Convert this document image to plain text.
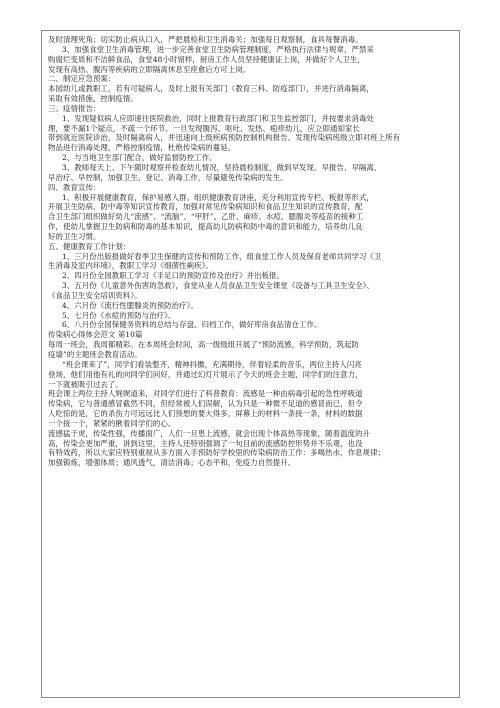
及时清理死角；切实防止病从口入，严把晨检和卫生消毒关；加强每日观察制，食具每餐消毒。
3、加强食堂卫生消毒管理，进一步完善食堂卫生防病管理制度，严格执行法律与规章，严禁采
购腐烂变质和不洁鲜食品，食堂48小时留样，厨房工作人员坚持健康证上岗，并做好个人卫生，
发现有高热、腹泻等疾病的立即隔离休息至痊愈后方可上岗。
二、制定应急预案：
本园幼儿或教职工，若有可疑病人，及时上报有关部门（教育三科、防疫部门），并进行消毒隔离，
采取有效措施，控制疫情。
三、疫情报告：
1、发现疑似病人应即速往医院救治，同时上报教育行政部门和卫生监控部门，并按要求消毒处
理，要不漏1个疑点，不疏一个环节。一旦发现腹泻、呕吐、发热、疱疹幼儿，应立即通知家长
带到就近医院诊治，及时隔离病人，并迅速向上级疾病预防控制机构报告。发现传染病班级立即对班上所有
物品进行消毒处理，严格控制疫情，杜绝传染病的蔓延。
2、与当地卫生部门配合，做好监督防控工作。
3、教师每天上、下午随时观察并检查幼儿情况，坚持晨检制度，做到早发现、早报告、早隔离、
早治疗、早控制，加强卫生、登记、消毒工作，尽量避免传染病的发生。
四、教育宣传：
1、积极开展健康教育，保护易感人群。组织健康教育讲座，充分利用宣传专栏、板报等形式，
开展卫生防病、防中毒等知识宣传教育，加强对常见传染病知识和食品卫生知识的宣传教育，配
合卫生部门组织做好幼儿“流感”、“流脑”、“甲肝”、乙肝、麻疹、水痘、腮腺炎等疫苗的接种工
作，使幼儿掌握卫生防病和防毒的基本知识，提高幼儿防病和防中毒的意识和能力，培养幼儿良
好的卫生习惯。
五、健康教育工作计划：
1、三月份出版报做好春季卫生保健的宣传和预防工作，组食堂工作人员及保育老师共同学习《卫
生消毒及室内环境》，教职工学习《细菌性痢疾》。
2、四月份全园教职工学习《手足口的预防宣传及治疗》并出板报。
3、五月份《儿童意外伤害的急救》，食堂从业人员食品卫生安全课堂《设备与工具卫生安全》、
《食品卫生安全培训资料》。
4、六月份《流行性腮腺炎的预防治疗》。
5、七月份《水痘的预防与治疗》。
6、八月份全园保健务资料的总结与存盘、归档工作，做好库房食品清仓工作。
传染病心得体会范文 第10篇
每周一班会，我周都精彩。在本周班会时间，高一级级组开展了“预防流感，科学预防，筑起防
疫墙”的主题班会教育活动。
“班会课来了”，同学们看装整齐，精神抖擞，充满期待，伴着轻柔的音乐，两位主持人闪亮
登场，他们用他有礼的向同学们问好，并通过幻灯片展示了今天的班会主题，同学们的注意力，
一下就被吸引过去了。
班会课上两位主持人娓娓道来，对同学们进行了科普教育：流感是一种由病毒引起的急性呼吸道
传染病，它与普通感冒截然不同，但经常被人们误解，认为只是一种微不足道的感冒而已，但令
人吃惊的是，它的杀伤力可远远比人们预想的要大得多。屏幕上的材料一条接一条，材料的数据
一个接一个，紧紧的揪着同学们的心。
流感猛于虎，传染性强，传播面广，人们一旦患上流感，就会出现个体高热等现象，随着温度的升
高，传染会更加严重，讲到这里，主持人还特别强调了一句目前的流感防控形势并不乐观，也没
有特效药，所以大家应特别重视从多方面入手预防好学校里的传染病防治工作：多喝热水，作息规律；
加强锻炼，增强体质；通风透气，清洁消毒；心态平和，免疫力自然提升。
